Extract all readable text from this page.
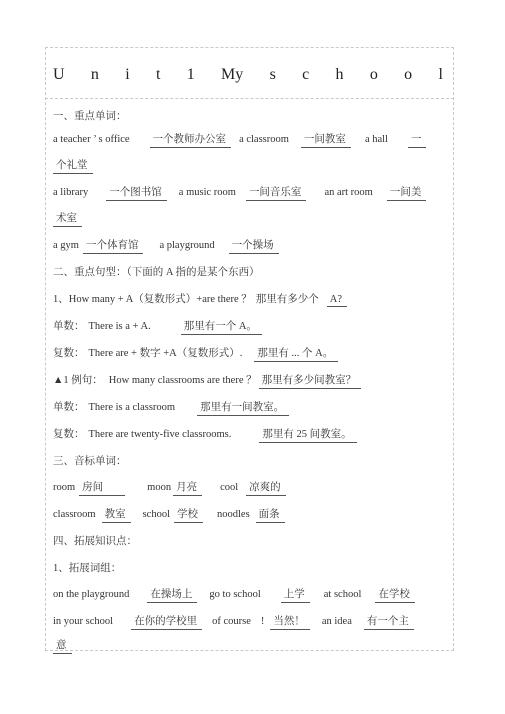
U n i t 1 My s c h o o l
一、重点单词：
a teacher ’ s office 一个教师办公室 a classroom 一间教室 a hall 一
个礼堂
a library 一个图书馆 a music room 一间音乐室 an art room 一间美
术室
a gym 一个体育馆 a playground 一个操场
二、重点句型：（下面的 A 指的是某个东西）
1、How many + A（复数形式）+are there ？ 那里有多少个 A?
单数： There is a + A.	那里有一个 A。
复数： There are + 数字 +A（复数形式）. 那里有 ... 个 A。
▲1 例句： How many classrooms are there ？ 那里有多少间教室？
单数： There is a classroom 那里有一间教室。
复数： There are twenty-five classrooms.	那里有 25 间教室。
三、音标单词：
room 房间	moon 月亮 cool 凉爽的
classroom 教室 school 学校 noodles 面条
四、拓展知识点：
1、拓展词组：
on the playground 在操场上 go to school 上学 at school 在学校
in your school 在你的学校里 of course ! 当然！ an idea 有一个主
意
